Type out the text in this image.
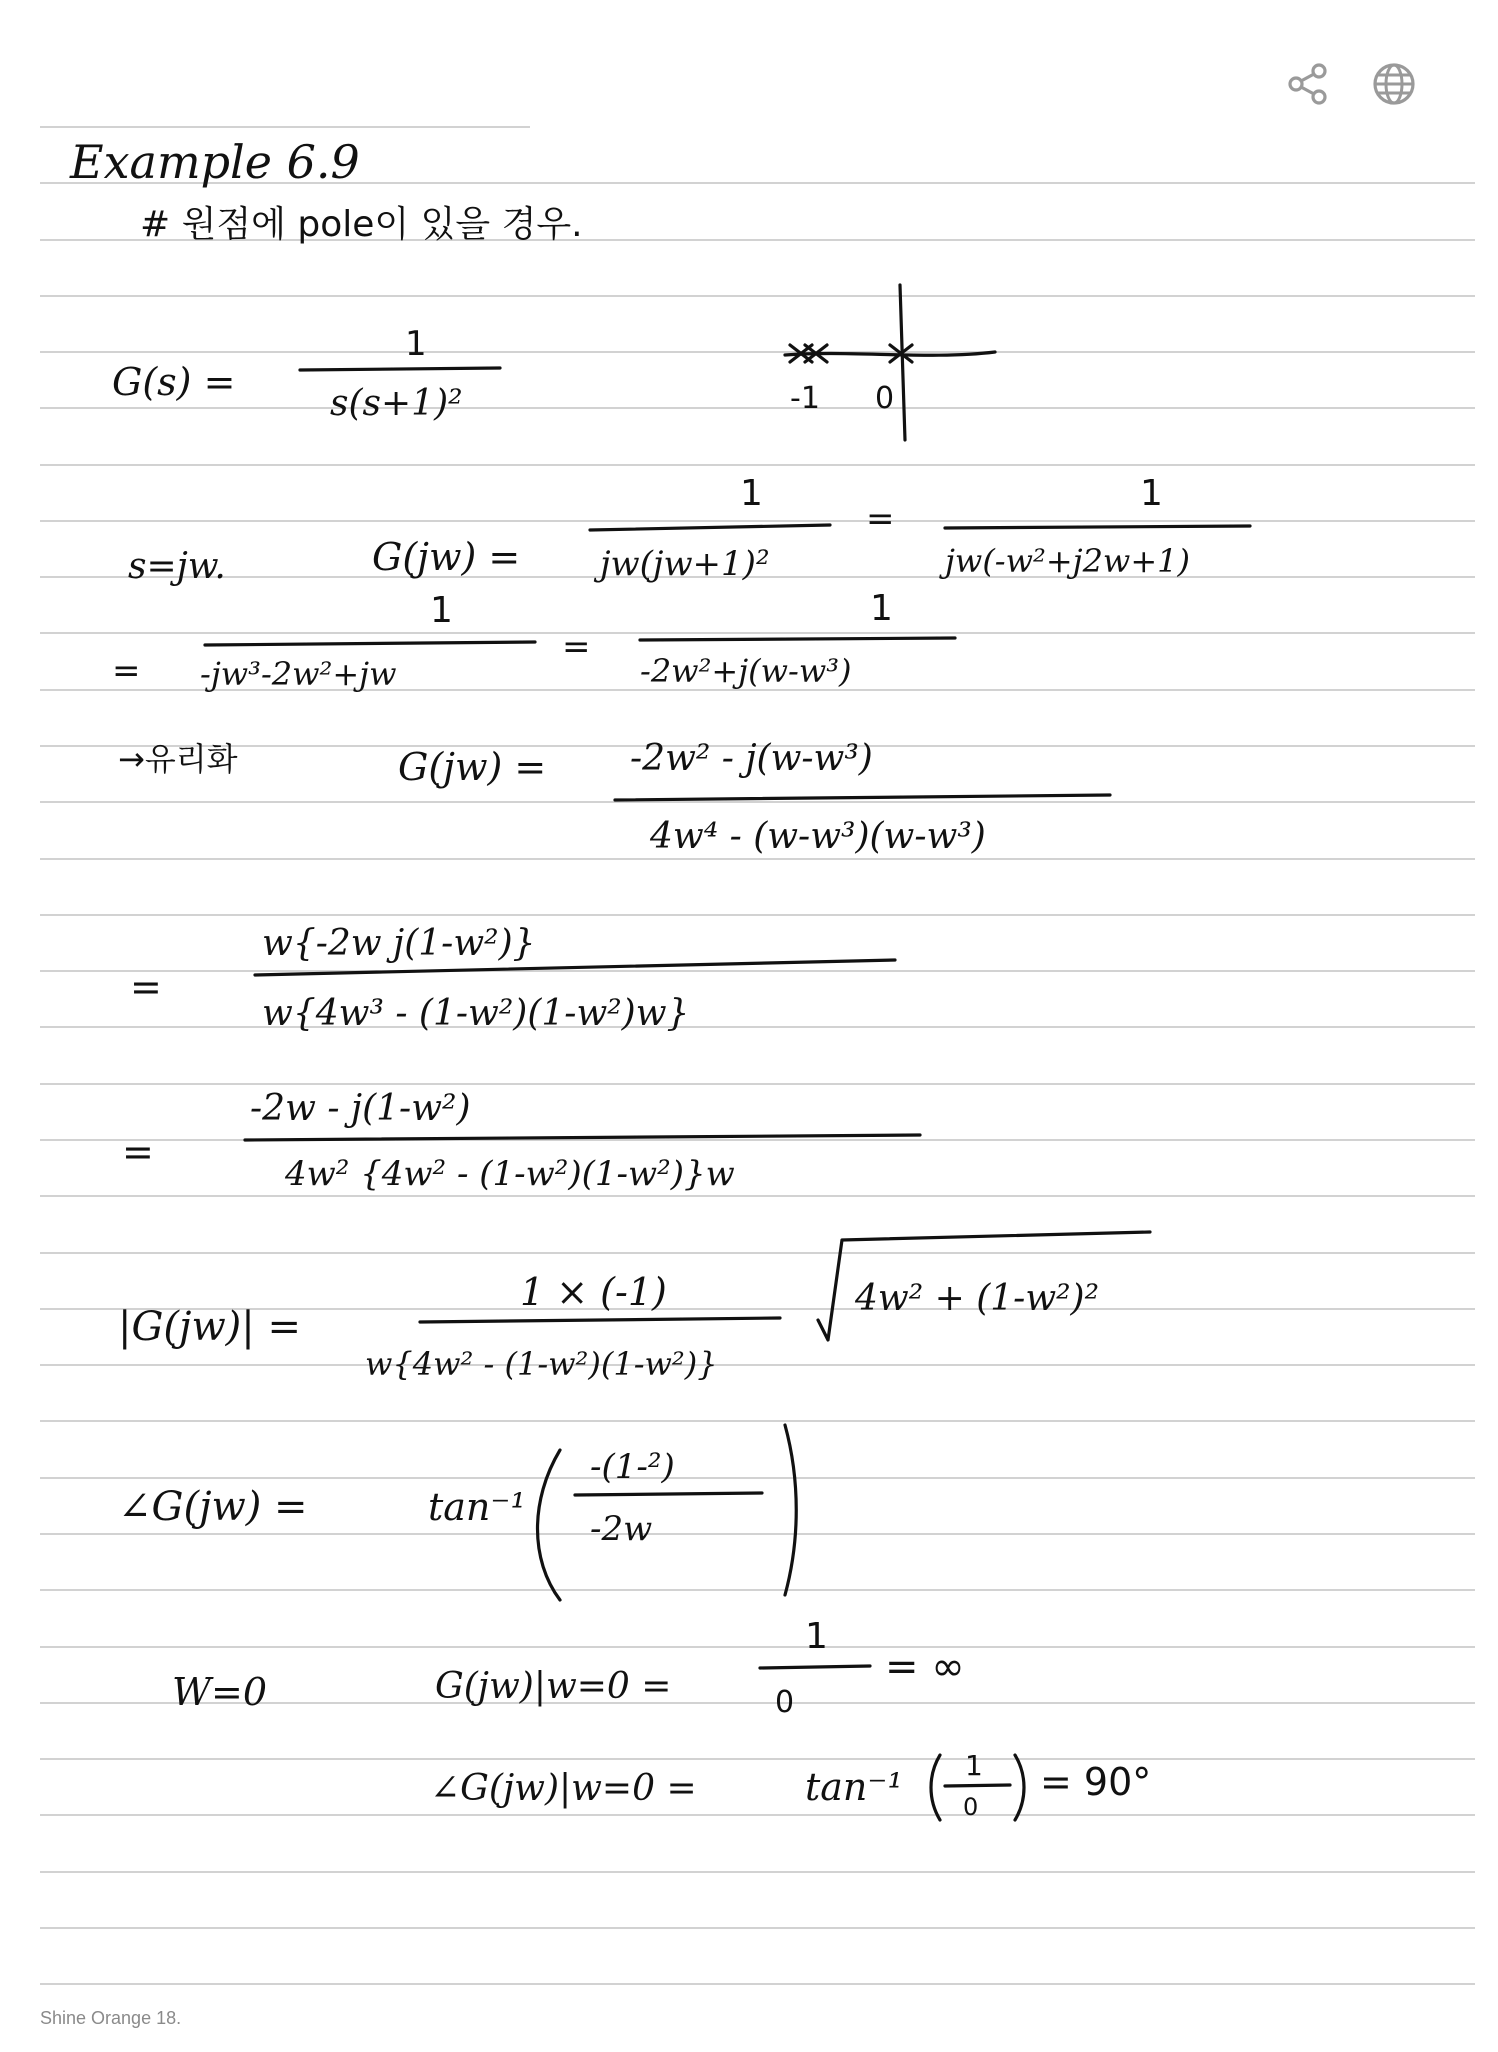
Example 6.9
# 원점에 pole이 있을 경우.
G(s) =
1
s(s+1)²	-1 0
s=jw.	G(jw) =
1
jw(jw+1)²
=
1
jw(-w²+j2w+1)
=
1
-jw³-2w²+jw
=
1
-2w²+j(w-w³)
→유리화	G(jw) = -2w² - j(w-w³)
4w⁴ - (w-w³)(w-w³)
=
w{-2w j(1-w²)}
w{4w³ - (1-w²)(1-w²)w}
=
-2w - j(1-w²)
4w² {4w² - (1-w²)(1-w²)}w
|G(jw)| =
1 × (-1)
w{4w² - (1-w²)(1-w²)}
4w² + (1-w²)²
∠G(jw) =	tan⁻¹
-(1-²)
-2w
W=0	G(jw)|w=0 =
1
0
= ∞
∠G(jw)|w=0 =	tan⁻¹ 1
0
= 90°
Shine Orange 18.
